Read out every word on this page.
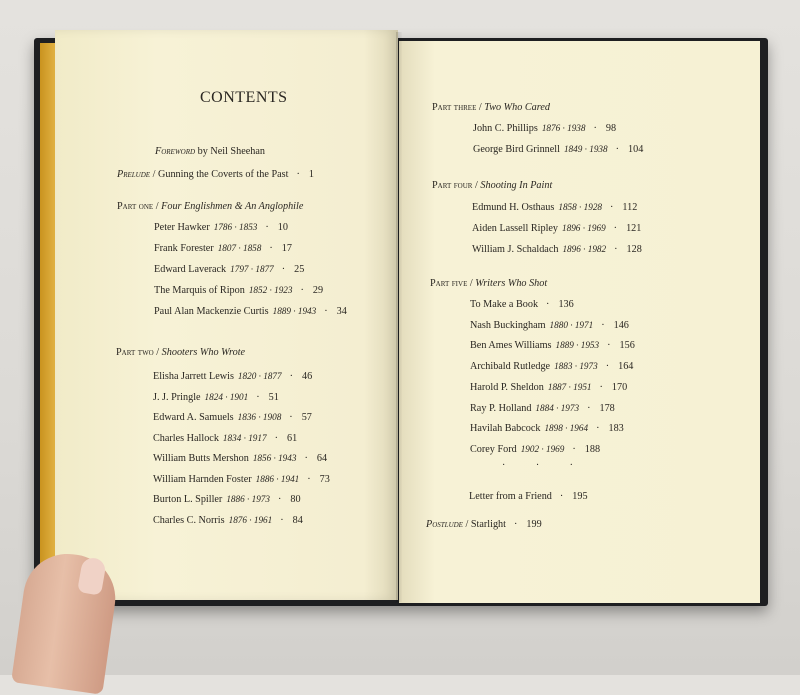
CONTENTS
Foreword by Neil Sheehan
Prelude / Gunning the Coverts of the Past · 1
Part one / Four Englishmen & An Anglophile
Peter Hawker 1786 · 1853 · 10
Frank Forester 1807 · 1858 · 17
Edward Laverack 1797 · 1877 · 25
The Marquis of Ripon 1852 · 1923 · 29
Paul Alan Mackenzie Curtis 1889 · 1943 · 34
Part two / Shooters Who Wrote
Elisha Jarrett Lewis 1820 · 1877 · 46
J. J. Pringle 1824 · 1901 · 51
Edward A. Samuels 1836 · 1908 · 57
Charles Hallock 1834 · 1917 · 61
William Butts Mershon 1856 · 1943 · 64
William Harnden Foster 1886 · 1941 · 73
Burton L. Spiller 1886 · 1973 · 80
Charles C. Norris 1876 · 1961 · 84
Part three / Two Who Cared
John C. Phillips 1876 · 1938 · 98
George Bird Grinnell 1849 · 1938 · 104
Part four / Shooting In Paint
Edmund H. Osthaus 1858 · 1928 · 112
Aiden Lassell Ripley 1896 · 1969 · 121
William J. Schaldach 1896 · 1982 · 128
Part five / Writers Who Shot
To Make a Book · 136
Nash Buckingham 1880 · 1971 · 146
Ben Ames Williams 1889 · 1953 · 156
Archibald Rutledge 1883 · 1973 · 164
Harold P. Sheldon 1887 · 1951 · 170
Ray P. Holland 1884 · 1973 · 178
Havilah Babcock 1898 · 1964 · 183
Corey Ford 1902 · 1969 · 188
· · ·
Letter from a Friend · 195
Postlude / Starlight · 199
